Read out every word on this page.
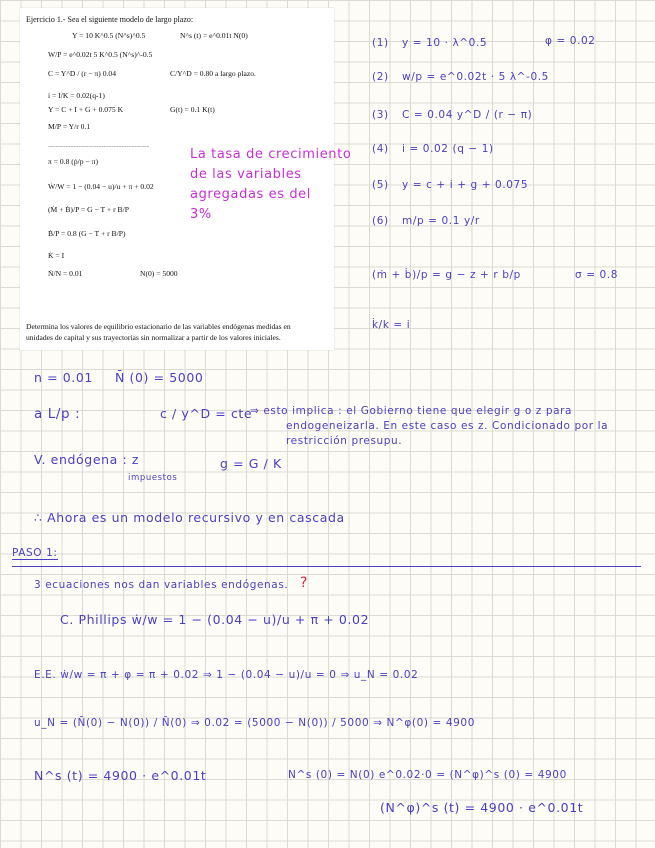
Ejercicio 1.- Sea el siguiente modelo de largo plazo:
Y = 10 K^0.5 (N^s)^0.5	N^s (t) = e^0.01t N(0)
W/P = e^0.02t 5 K^0.5 (N^s)^-0.5
C = Y^D / (r − π) 0.04	C/Y^D = 0.80 a largo plazo.
i = I/K = 0.02(q-1)
Y = C + I + G + 0.075 K	G(t) = 0.1 K(t)
M/P = Y/r 0.1
----------------------------------------
π = 0.8 (ṗ/p − π)
Ẇ/W = 1 − (0.04 − u)/u + π + 0.02
(Ṁ + Ḃ)/P = G − T + r B/P
Ḃ/P = 0.8 (G − T + r B/P)
K̇ = I
Ṅ/N = 0.01	N(0) = 5000
Determina los valores de equilibrio estacionario de las variables endógenas medidas en
unidades de capital y sus trayectorias sin normalizar a partir de los valores iniciales.
La tasa de crecimiento
de las variables
agregadas es del
3%
(1) y = 10 · λ^0.5	φ = 0.02
(2) w/p = e^0.02t · 5 λ^-0.5
(3) C = 0.04 y^D / (r − π)
(4) i = 0.02 (q − 1)
(5) y = c + i + g + 0.075
(6) m/p = 0.1 y/r
(ṁ + ḃ)/p = g − z + r b/p	σ = 0.8
k̇/k = i
n = 0.01 N̄ (0) = 5000
a L/p :	c / y^D = cte
⇒ esto implica : el Gobierno tiene que elegir g o z para
endogeneizarla. En este caso es z. Condicionado por la
restricción presupu.
V. endógena : z
impuestos
g = G / K
∴ Ahora es un modelo recursivo y en cascada
PASO 1:
3 ecuaciones nos dan variables endógenas. ?
C. Phillips ẇ/w = 1 − (0.04 − u)/u + π + 0.02
E.E. ẇ/w = π + φ = π + 0.02 ⇒ 1 − (0.04 − u)/u = 0 ⇒ u_N = 0.02
u_N = (N̄(0) − N(0)) / N̄(0) ⇒ 0.02 = (5000 − N(0)) / 5000 ⇒ N^φ(0) = 4900
N^s (t) = 4900 · e^0.01t	N^s (0) = N(0) e^0.02·0 = (N^φ)^s (0) = 4900
(N^φ)^s (t) = 4900 · e^0.01t
